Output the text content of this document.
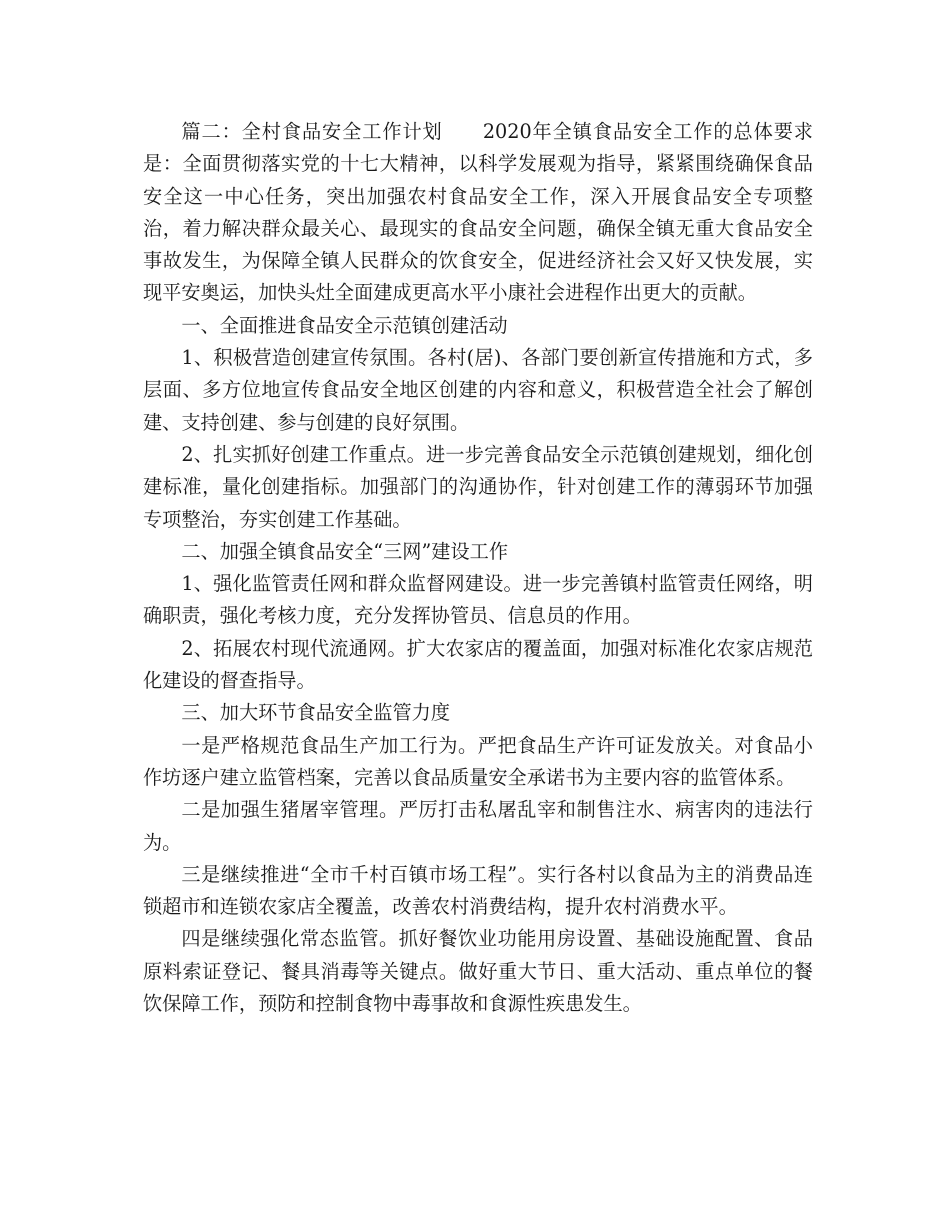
篇二：全村食品安全工作计划　　2020年全镇食品安全工作的总体要求是：全面贯彻落实党的十七大精神，以科学发展观为指导，紧紧围绕确保食品安全这一中心任务，突出加强农村食品安全工作，深入开展食品安全专项整治，着力解决群众最关心、最现实的食品安全问题，确保全镇无重大食品安全事故发生，为保障全镇人民群众的饮食安全，促进经济社会又好又快发展，实现平安奥运，加快头灶全面建成更高水平小康社会进程作出更大的贡献。

一、全面推进食品安全示范镇创建活动

1、积极营造创建宣传氛围。各村(居)、各部门要创新宣传措施和方式，多层面、多方位地宣传食品安全地区创建的内容和意义，积极营造全社会了解创建、支持创建、参与创建的良好氛围。

2、扎实抓好创建工作重点。进一步完善食品安全示范镇创建规划，细化创建标准，量化创建指标。加强部门的沟通协作，针对创建工作的薄弱环节加强专项整治，夯实创建工作基础。

二、加强全镇食品安全“三网”建设工作

1、强化监管责任网和群众监督网建设。进一步完善镇村监管责任网络，明确职责，强化考核力度，充分发挥协管员、信息员的作用。

2、拓展农村现代流通网。扩大农家店的覆盖面，加强对标准化农家店规范化建设的督查指导。

三、加大环节食品安全监管力度

一是严格规范食品生产加工行为。严把食品生产许可证发放关。对食品小作坊逐户建立监管档案，完善以食品质量安全承诺书为主要内容的监管体系。

二是加强生猪屠宰管理。严厉打击私屠乱宰和制售注水、病害肉的违法行为。

三是继续推进“全市千村百镇市场工程”。实行各村以食品为主的消费品连锁超市和连锁农家店全覆盖，改善农村消费结构，提升农村消费水平。

四是继续强化常态监管。抓好餐饮业功能用房设置、基础设施配置、食品原料索证登记、餐具消毒等关键点。做好重大节日、重大活动、重点单位的餐饮保障工作，预防和控制食物中毒事故和食源性疾患发生。
